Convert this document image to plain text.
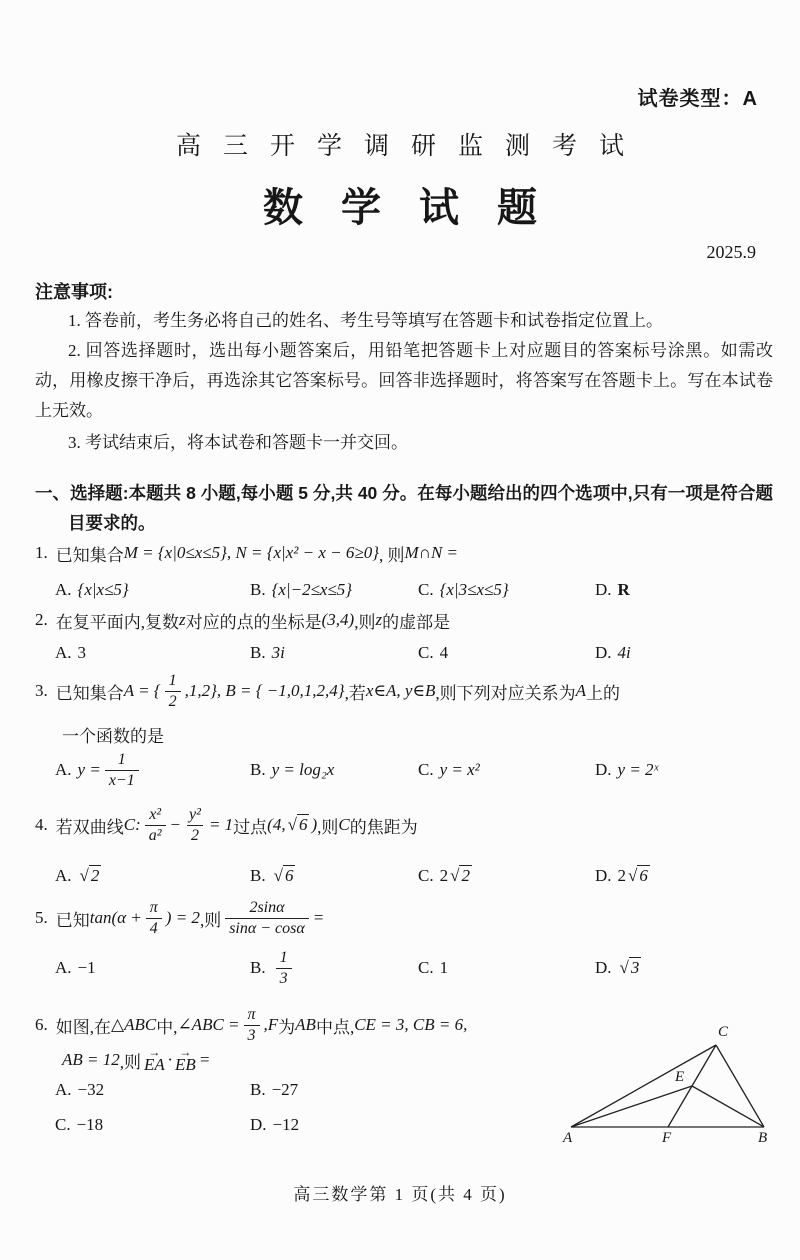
试卷类型：A
高三开学调研监测考试
数学试题
2025.9
注意事项:
1. 答卷前，考生务必将自己的姓名、考生号等填写在答题卡和试卷指定位置上。
2. 回答选择题时，选出每小题答案后，用铅笔把答题卡上对应题目的答案标号涂黑。如需改动，用橡皮擦干净后，再选涂其它答案标号。回答非选择题时，将答案写在答题卡上。写在本试卷上无效。
3. 考试结束后，将本试卷和答题卡一并交回。
一、选择题:本题共 8 小题,每小题 5 分,共 40 分。在每小题给出的四个选项中,只有一项是符合题目要求的。
1. 已知集合 M = {x|0≤x≤5}, N = {x|x² − x − 6≥0} , 则 M∩N =
A. {x|x≤5}	B. {x|−2≤x≤5}	C. {x|3≤x≤5}	D. R
2. 在复平面内,复数 z 对应的点的坐标是 (3,4) ,则 z 的虚部是
A. 3	B. 3i	C. 4	D. 4i
3. 已知集合 A = { $\frac{1}{2} ,1,2$}, B = { −1,0,1,2,4} ,若 x∈A, y∈B ,则下列对应关系为 A 上的
一个函数的是
A. $y = \frac{1}{x-1}$	B. y = log₂x	C. y = x²	D. y = 2ˣ
4. 若双曲线 C: $\frac{\text{x²}}{\text{a²}} - \frac{\text{y²}}{2} = 1$ 过点 (4, √ 6 ) ,则 C 的焦距为
A. √ 2	B. √ 6	C. 2 √ 2	D. 2 √ 6
5. 已知 $\tan(\alpha + \frac{\pi}{4}$ ) = 2 ,则 $\frac{2\sin\alpha}{\sin\alpha - \cos\alpha}$ =
A. −1	B. $\frac{1}{3}$	C. 1	D. √ 3
6. 如图,在 △ABC 中, ∠ABC = $\frac{\pi}{3} ,F$ 为 AB 中点, CE = 3, CB = 6,
AB = 12 ,则
→
EA · →
EB =
A. −32	B. −27
C. −18	D. −12
A	F	B
C
E
高三数学第 1 页(共 4 页)
